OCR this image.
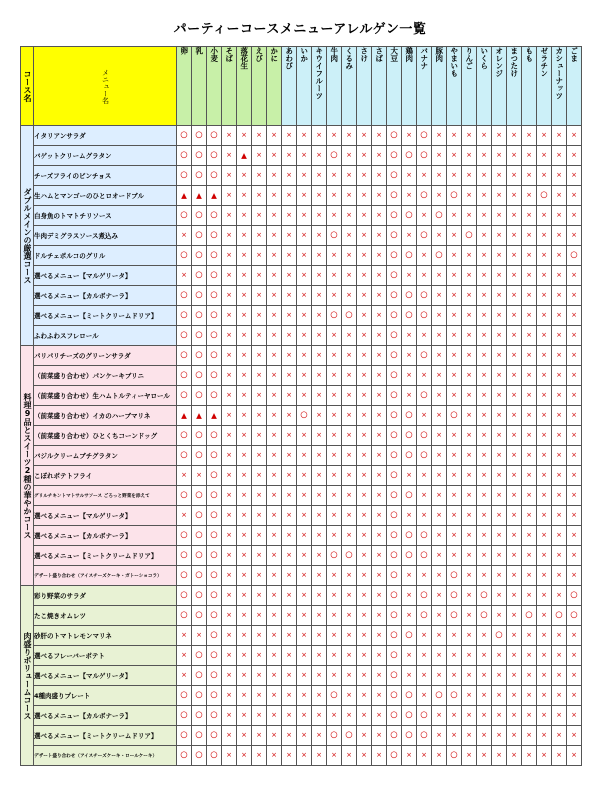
パーティーコースメニューアレルゲン一覧
コース名	メニュー名	卵	乳	小麦	そば	落花生	えび	かに	あわび	いか	キウイフルーツ	牛肉	くるみ	さけ	さば	大豆	鶏肉	バナナ	豚肉	やまいも	りんご	いくら	オレンジ	まつたけ	もも	ゼラチン	カシューナッツ	ごま

ダブルメインの厳選コース	イタリアンサラダ	○	○	○	×	×	×	×	×	×	×	×	×	×	×	○	×	○	×	×	×	×	×	×	×	×	×	×
	バゲットクリームグラタン	○	○	○	×	▲	×	×	×	×	×	○	×	×	×	○	○	○	×	×	×	×	×	×	×	×	×	×
	チーズフライのピンチョス	○	○	○	×	×	×	×	×	×	×	×	×	×	×	○	×	×	×	×	×	×	×	×	×	×	×	×
	生ハムとマンゴーのひとロオードブル	▲	▲	▲	×	×	×	×	×	×	×	×	×	×	×	○	×	○	×	○	×	×	×	×	×	○	×	×
	白身魚のトマトチリソース	○	○	○	×	×	×	×	×	×	×	×	×	×	×	○	○	×	○	×	×	×	×	×	×	×	×	×
	牛肉デミグラスソース煮込み	×	○	○	×	×	×	×	×	×	×	○	×	×	×	○	×	○	×	×	○	×	×	×	×	×	×	×
	ドルチェポルコのグリル	○	○	○	×	×	×	×	×	×	×	×	×	×	×	○	○	×	○	×	×	×	×	×	×	×	×	○
	選べるメニュー【マルゲリータ】	×	○	○	×	×	×	×	×	×	×	×	×	×	×	○	×	×	×	×	×	×	×	×	×	×	×	×
	選べるメニュー【カルボナーラ】	○	○	○	×	×	×	×	×	×	×	×	×	×	×	○	○	○	×	×	×	×	×	×	×	×	×	×
	選べるメニュー【ミートクリームドリア】	○	○	○	×	×	×	×	×	×	×	○	○	×	×	○	○	○	×	×	×	×	×	×	×	×	×	×
	ふわふわスフレロール	○	○	○	×	×	×	×	×	×	×	×	×	×	×	○	×	×	×	×	×	×	×	×	×	×	×	×

料理9品とスイーツ2種の華やかコース	パリパリチーズのグリーンサラダ	○	○	○	×	×	×	×	×	×	×	×	×	×	×	○	×	○	×	×	×	×	×	×	×	×	×	×
	（前菜盛り合わせ）パンケーキブリニ	○	○	○	×	×	×	×	×	×	×	×	×	×	×	○	×	×	×	×	×	×	×	×	×	×	×	×
	（前菜盛り合わせ）生ハムトルティーヤロール	○	○	○	×	×	×	×	×	×	×	×	×	×	×	○	×	○	×	×	×	×	×	×	×	×	×	×
	（前菜盛り合わせ）イカのハーブマリネ	▲	▲	▲	×	×	×	×	×	○	×	×	×	×	×	○	○	×	×	○	×	×	×	×	×	×	×	×
	（前菜盛り合わせ）ひとくちコーンドッグ	○	○	○	×	×	×	×	×	×	×	×	×	×	×	○	○	○	×	×	×	×	×	×	×	×	×	×
	バジルクリームブチグラタン	○	○	○	×	×	×	×	×	×	×	×	×	×	×	○	○	○	×	×	×	×	×	×	×	×	×	×
	こぼれポテトフライ	×	×	○	×	×	×	×	×	×	×	×	×	×	×	○	×	×	×	×	×	×	×	×	×	×	×	×
	グリルチキントマトサルサソース ごろっと野菜を添えて	○	○	○	×	×	×	×	×	×	×	×	×	×	×	○	○	×	×	×	×	×	×	×	×	×	×	×
	選べるメニュー【マルゲリータ】	×	○	○	×	×	×	×	×	×	×	×	×	×	×	○	×	×	×	×	×	×	×	×	×	×	×	×
	選べるメニュー【カルボナーラ】	○	○	○	×	×	×	×	×	×	×	×	×	×	×	○	○	○	×	×	×	×	×	×	×	×	×	×
	選べるメニュー【ミートクリームドリア】	○	○	○	×	×	×	×	×	×	×	○	○	×	×	○	○	○	×	×	×	×	×	×	×	×	×	×
	デザート盛り合わせ（アイスチーズケーキ・ガトーショコラ）	○	○	○	×	×	×	×	×	×	×	×	×	×	×	○	×	×	×	○	×	×	×	×	×	×	×	×

肉盛りボリュームコース	彩り野菜のサラダ	○	○	○	×	×	×	×	×	×	×	×	×	×	×	○	×	○	×	○	×	○	×	×	×	×	×	○
	たこ焼きオムレツ	○	○	○	×	×	×	×	×	×	×	×	×	×	×	○	×	○	×	○	×	○	×	×	○	×	○	○
	砂肝のトマトレモンマリネ	×	×	○	×	×	×	×	×	×	×	×	×	×	×	○	○	×	×	×	×	×	○	×	×	×	×	×
	選べるフレーバーポテト	×	○	○	×	×	×	×	×	×	×	×	×	×	×	○	×	×	×	×	×	×	×	×	×	×	×	×
	選べるメニュー【マルゲリータ】	×	○	○	×	×	×	×	×	×	×	×	×	×	×	○	×	×	×	×	×	×	×	×	×	×	×	×
	4種肉盛りプレート	○	○	○	×	×	×	×	×	×	×	○	×	×	×	○	○	×	○	○	×	×	×	×	×	×	×	×
	選べるメニュー【カルボナーラ】	○	○	○	×	×	×	×	×	×	×	×	×	×	×	○	○	○	×	×	×	×	×	×	×	×	×	×
	選べるメニュー【ミートクリームドリア】	○	○	○	×	×	×	×	×	×	×	○	○	×	×	○	○	○	×	×	×	×	×	×	×	×	×	×
	デザート盛り合わせ（アイスチーズケーキ・ロールケーキ）	○	○	○	×	×	×	×	×	×	×	×	×	×	×	○	×	×	×	○	×	×	×	×	×	×	×	×
